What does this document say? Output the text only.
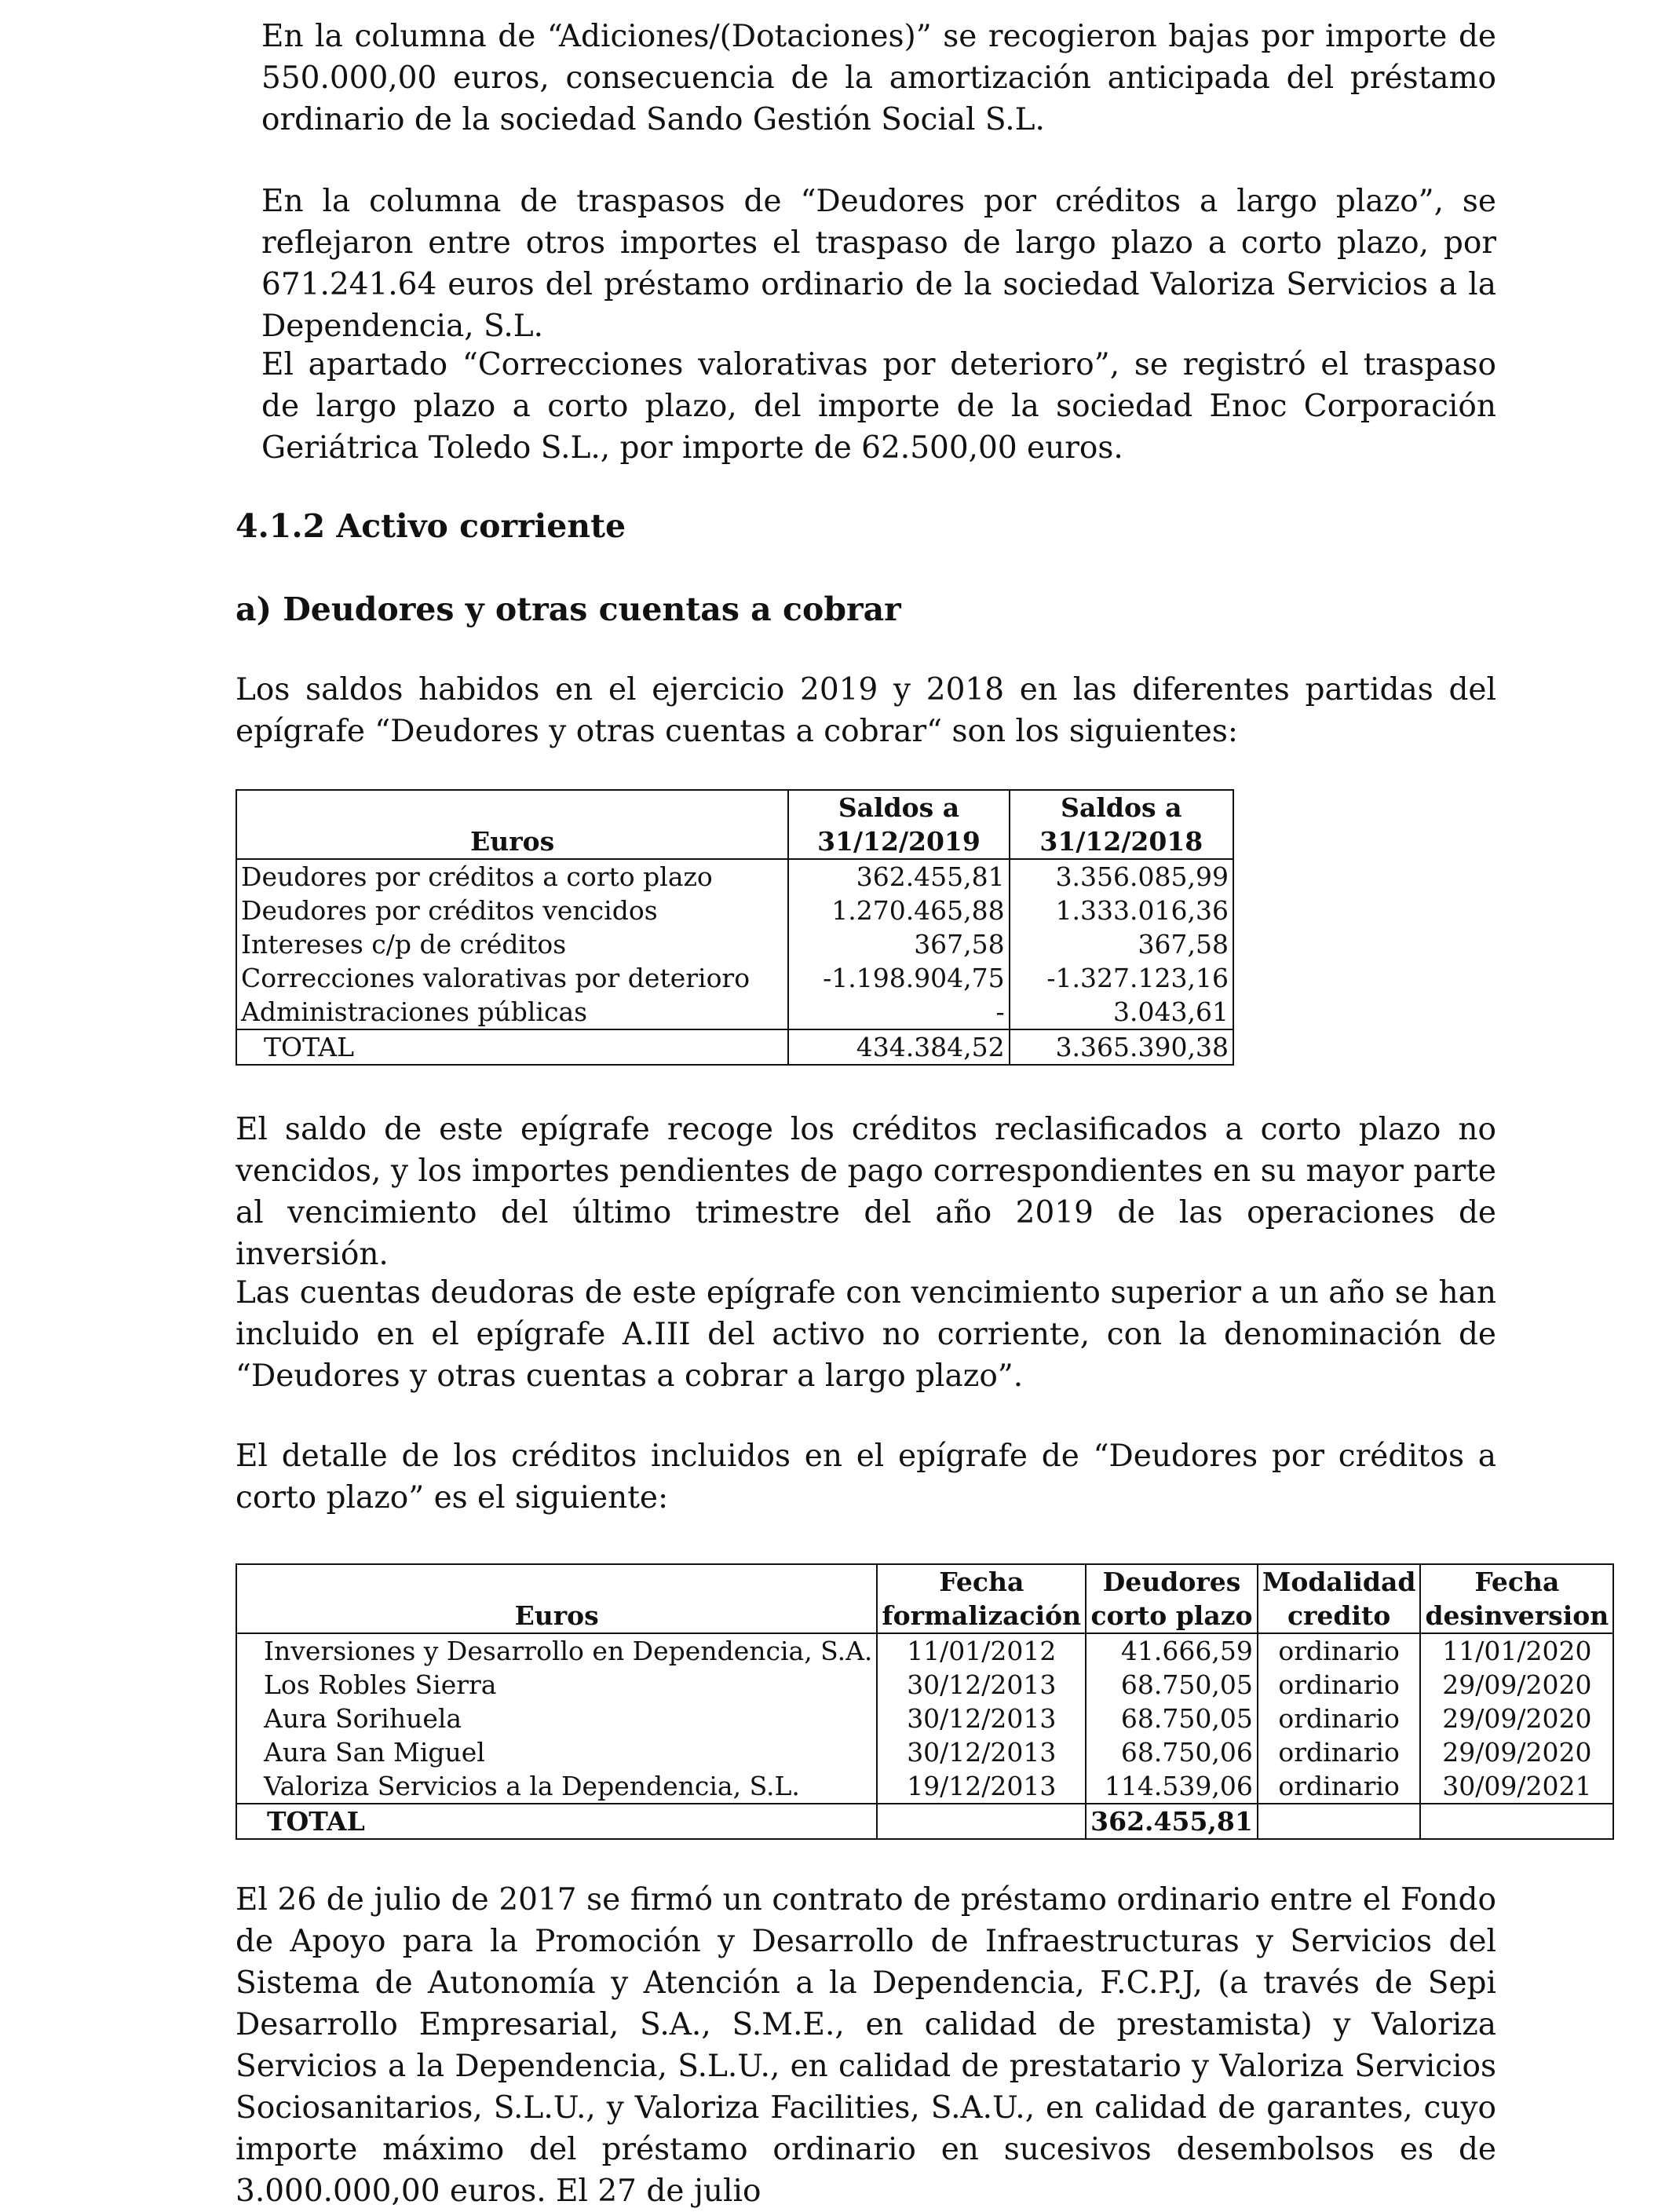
En la columna de “Adiciones/(Dotaciones)” se recogieron bajas por importe de 550.000,00 euros, consecuencia de la amortización anticipada del préstamo ordinario de la sociedad Sando Gestión Social S.L.

En la columna de traspasos de “Deudores por créditos a largo plazo”, se reflejaron entre otros importes el traspaso de largo plazo a corto plazo, por 671.241.64 euros del préstamo ordinario de la sociedad Valoriza Servicios a la Dependencia, S.L.

El apartado “Correcciones valorativas por deterioro”, se registró el traspaso de largo plazo a corto plazo, del importe de la sociedad Enoc Corporación Geriátrica Toledo S.L., por importe de 62.500,00 euros.

4.1.2 Activo corriente
a) Deudores y otras cuentas a cobrar

Los saldos habidos en el ejercicio 2019 y 2018 en las diferentes partidas del epígrafe “Deudores y otras cuentas a cobrar“ son los siguientes:

	Saldos a	Saldos a
Euros	31/12/2019	31/12/2018
Deudores por créditos a corto plazo	362.455,81	3.356.085,99
Deudores por créditos vencidos	1.270.465,88	1.333.016,36
Intereses c/p de créditos	367,58	367,58
Correcciones valorativas por deterioro	-1.198.904,75	-1.327.123,16
Administraciones públicas	-	3.043,61
TOTAL	434.384,52	3.365.390,38

El saldo de este epígrafe recoge los créditos reclasificados a corto plazo no vencidos, y los importes pendientes de pago correspondientes en su mayor parte al vencimiento del último trimestre del año 2019 de las operaciones de inversión.

Las cuentas deudoras de este epígrafe con vencimiento superior a un año se han incluido en el epígrafe A.III del activo no corriente, con la denominación de “Deudores y otras cuentas a cobrar a largo plazo”.

El detalle de los créditos incluidos en el epígrafe de “Deudores por créditos a corto plazo” es el siguiente:

	Fecha	Deudores	Modalidad	Fecha
Euros	formalización	corto plazo	credito	desinversion
Inversiones y Desarrollo en Dependencia, S.A.	11/01/2012	41.666,59	ordinario	11/01/2020
Los Robles Sierra	30/12/2013	68.750,05	ordinario	29/09/2020
Aura Sorihuela	30/12/2013	68.750,05	ordinario	29/09/2020
Aura San Miguel	30/12/2013	68.750,06	ordinario	29/09/2020
Valoriza Servicios a la Dependencia, S.L.	19/12/2013	114.539,06	ordinario	30/09/2021
TOTAL		362.455,81		

El 26 de julio de 2017 se firmó un contrato de préstamo ordinario entre el Fondo de Apoyo para la Promoción y Desarrollo de Infraestructuras y Servicios del Sistema de Autonomía y Atención a la Dependencia, F.C.P.J, (a través de Sepi Desarrollo Empresarial, S.A., S.M.E., en calidad de prestamista) y Valoriza Servicios a la Dependencia, S.L.U., en calidad de prestatario y Valoriza Servicios Sociosanitarios, S.L.U., y Valoriza Facilities, S.A.U., en calidad de garantes, cuyo importe máximo del préstamo ordinario en sucesivos desembolsos es de 3.000.000,00 euros. El 27 de julio
